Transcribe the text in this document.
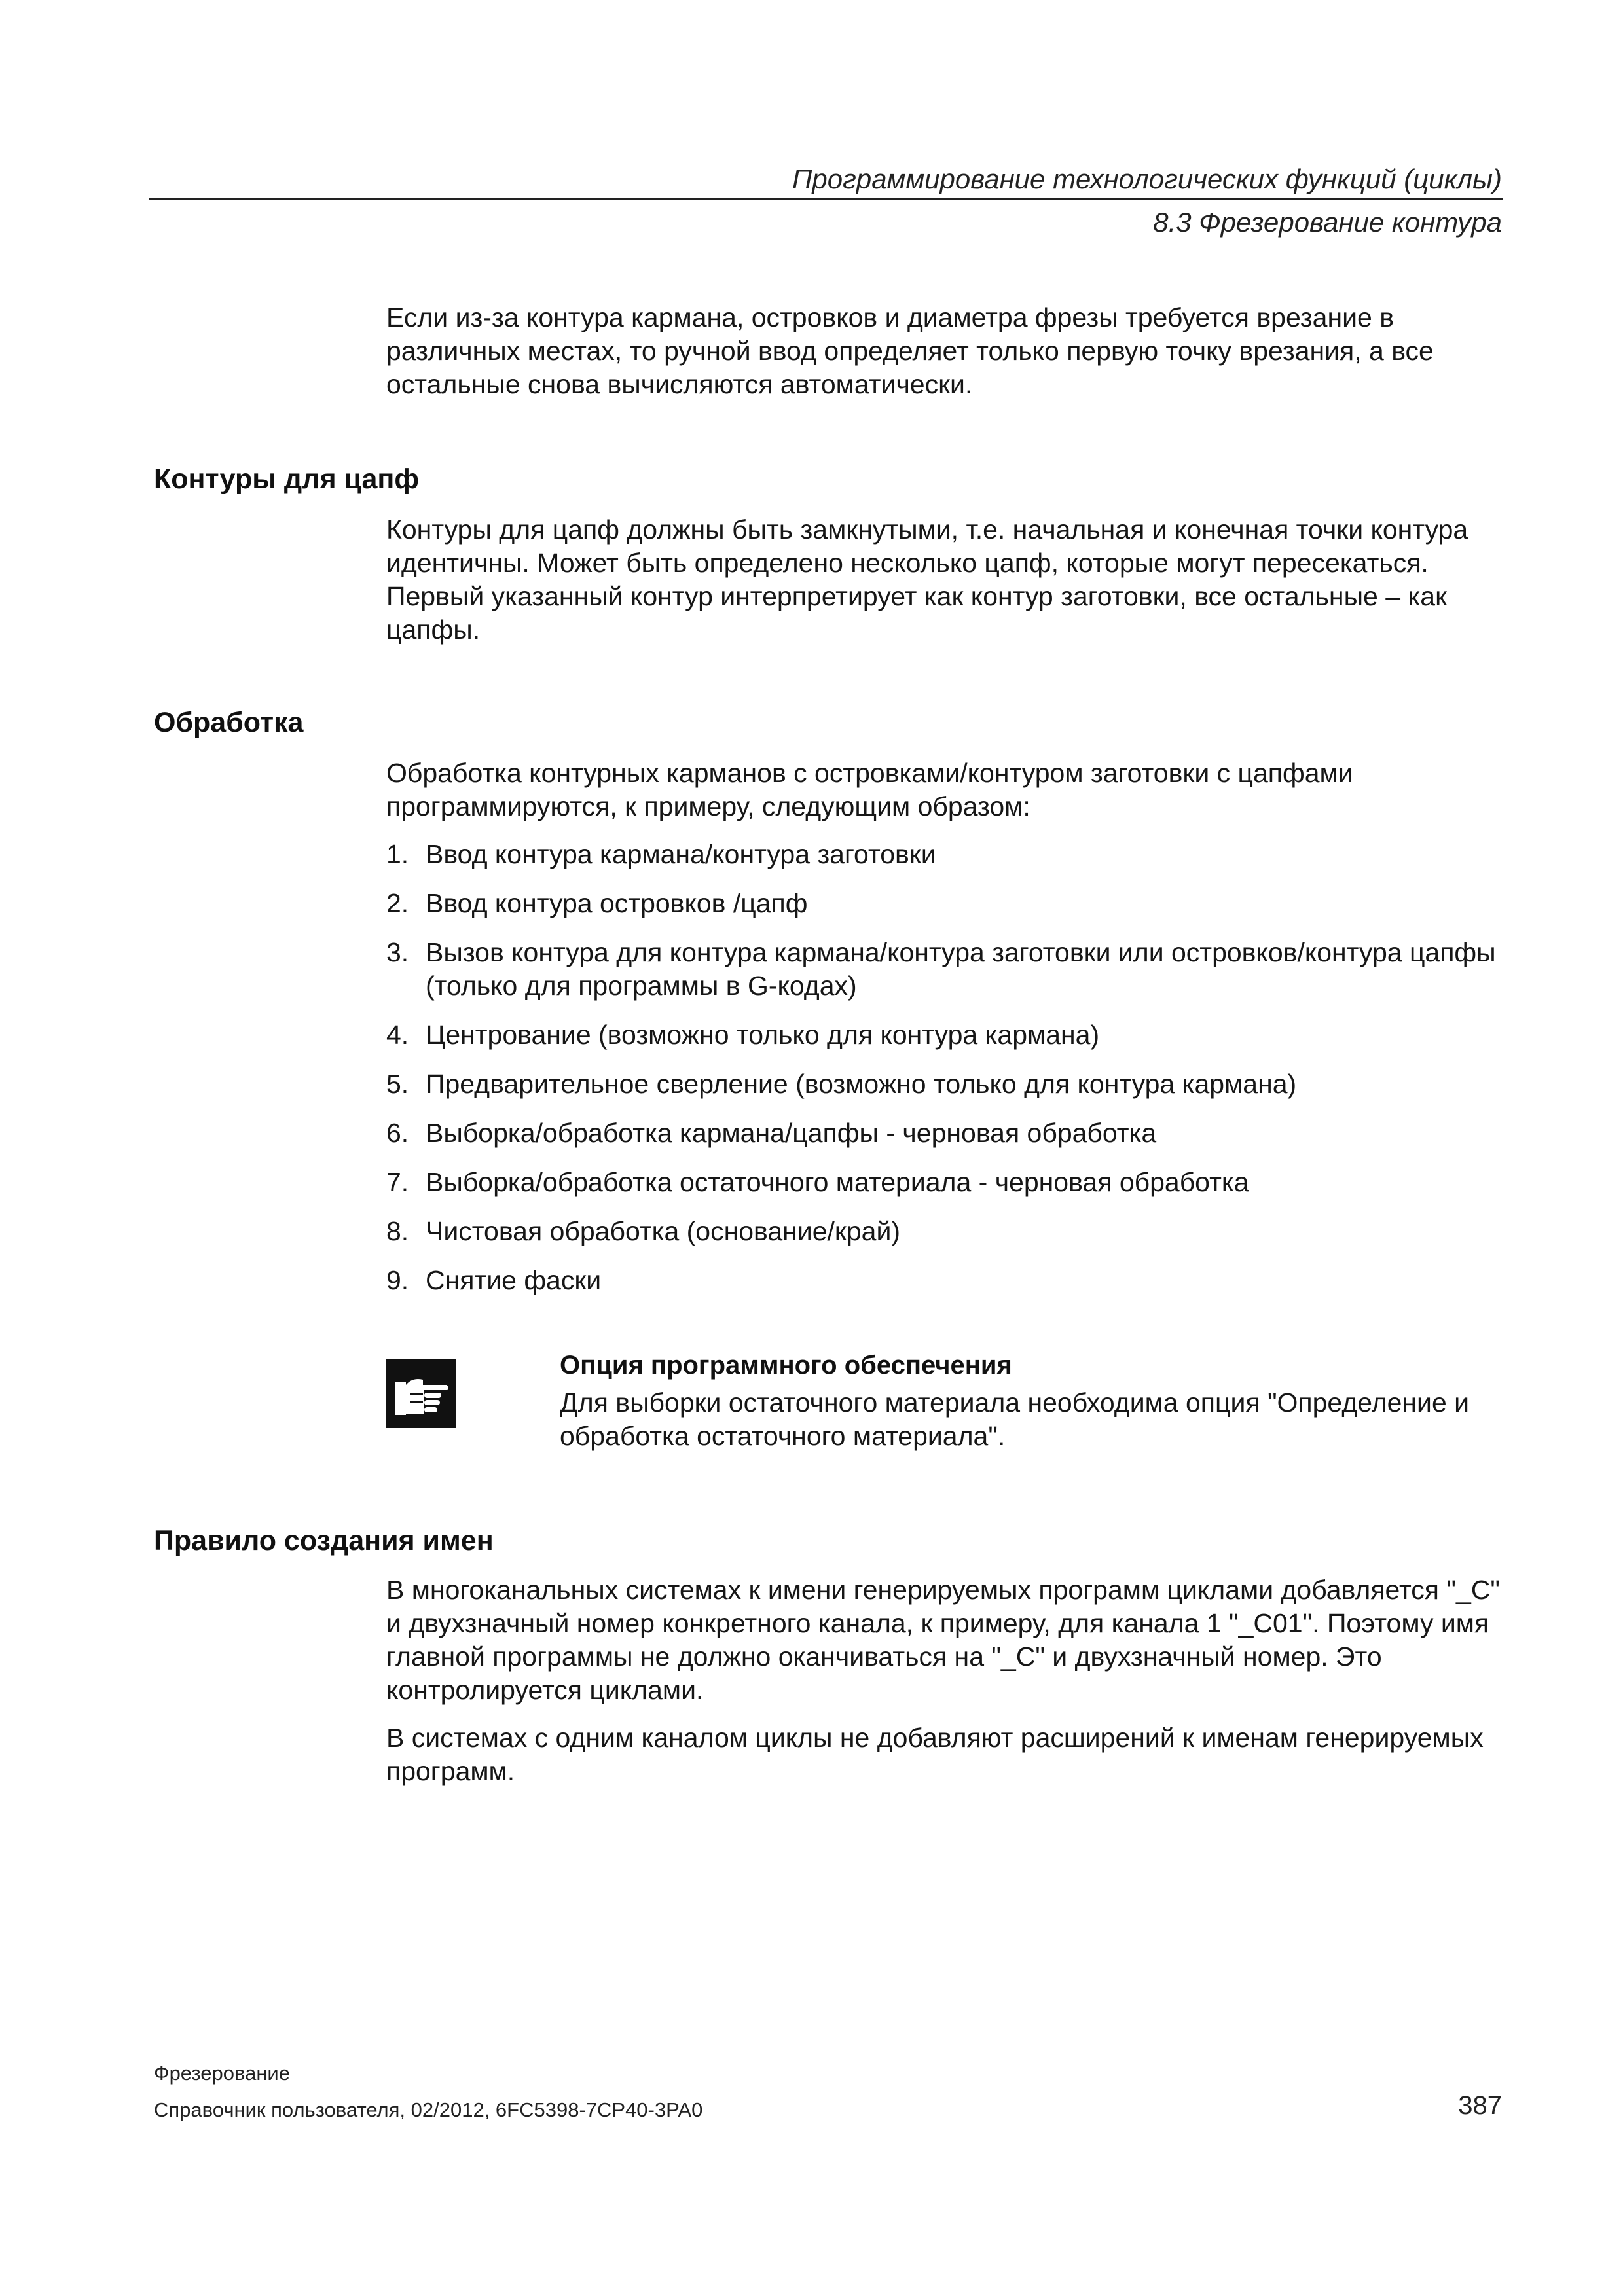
Программирование технологических функций (циклы)
8.3 Фрезерование контура
Если из-за контура кармана, островков и диаметра фрезы требуется врезание в различных местах, то ручной ввод определяет только первую точку врезания, а все остальные снова вычисляются автоматически.
Контуры для цапф
Контуры для цапф должны быть замкнутыми, т.е. начальная и конечная точки контура идентичны. Может быть определено несколько цапф, которые могут пересекаться. Первый указанный контур интерпретирует как контур заготовки, все остальные – как цапфы.
Обработка
Обработка контурных карманов с островками/контуром заготовки с цапфами программируются, к примеру, следующим образом:
1. Ввод контура кармана/контура заготовки
2. Ввод контура островков /цапф
3. Вызов контура для контура кармана/контура заготовки или островков/контура цапфы (только для программы в G-кодах)
4. Центрование (возможно только для контура кармана)
5. Предварительное сверление (возможно только для контура кармана)
6. Выборка/обработка кармана/цапфы - черновая обработка
7. Выборка/обработка остаточного материала - черновая обработка
8. Чистовая обработка (основание/край)
9. Снятие фаски
Опция программного обеспечения
Для выборки остаточного материала необходима опция "Определение и обработка остаточного материала".
Правило создания имен
В многоканальных системах к имени генерируемых программ циклами добавляется "_C" и двухзначный номер конкретного канала, к примеру, для канала 1 "_C01". Поэтому имя главной программы не должно оканчиваться на "_C" и двухзначный номер. Это контролируется циклами.
В системах с одним каналом циклы не добавляют расширений к именам генерируемых программ.
Фрезерование
Справочник пользователя, 02/2012, 6FC5398-7CP40-3PA0	387
